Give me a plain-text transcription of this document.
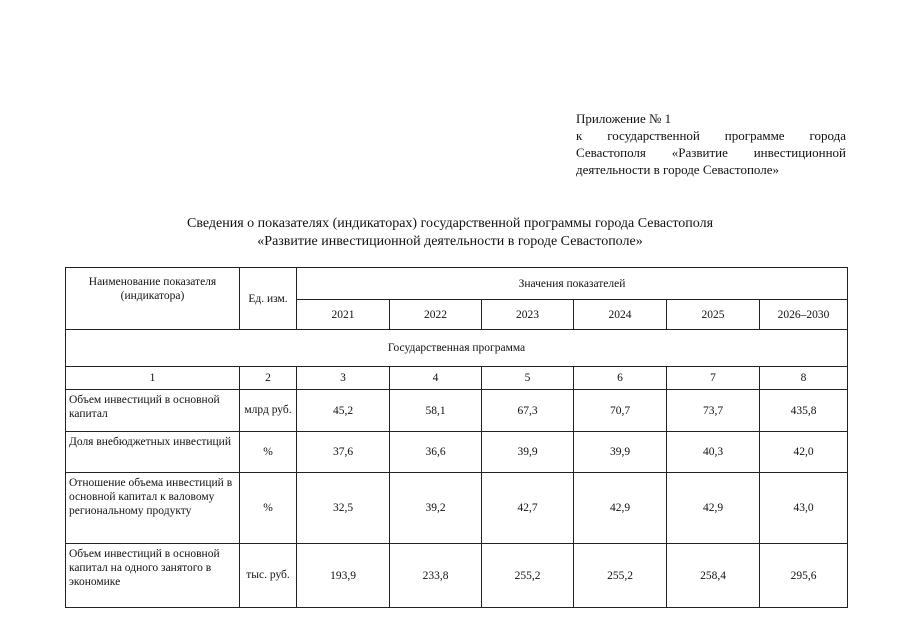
Приложение № 1
к государственной программе города
Севастополя «Развитие инвестиционной
деятельности в городе Севастополе»
Сведения о показателях (индикаторах) государственной программы города Севастополя
«Развитие инвестиционной деятельности в городе Севастополе»
Наименование показателя (индикатора)	Ед. изм.	Значения показателей					
		2021	2022	2023	2024	2025	2026–2030
Государственная программа							
1	2	3	4	5	6	7	8
Объем инвестиций в основной капитал	млрд руб.	45,2	58,1	67,3	70,7	73,7	435,8
Доля внебюджетных инвестиций	%	37,6	36,6	39,9	39,9	40,3	42,0
Отношение объема инвестиций в основной капитал к валовому региональному продукту	%	32,5	39,2	42,7	42,9	42,9	43,0
Объем инвестиций в основной капитал на одного занятого в экономике	тыс. руб.	193,9	233,8	255,2	255,2	258,4	295,6
